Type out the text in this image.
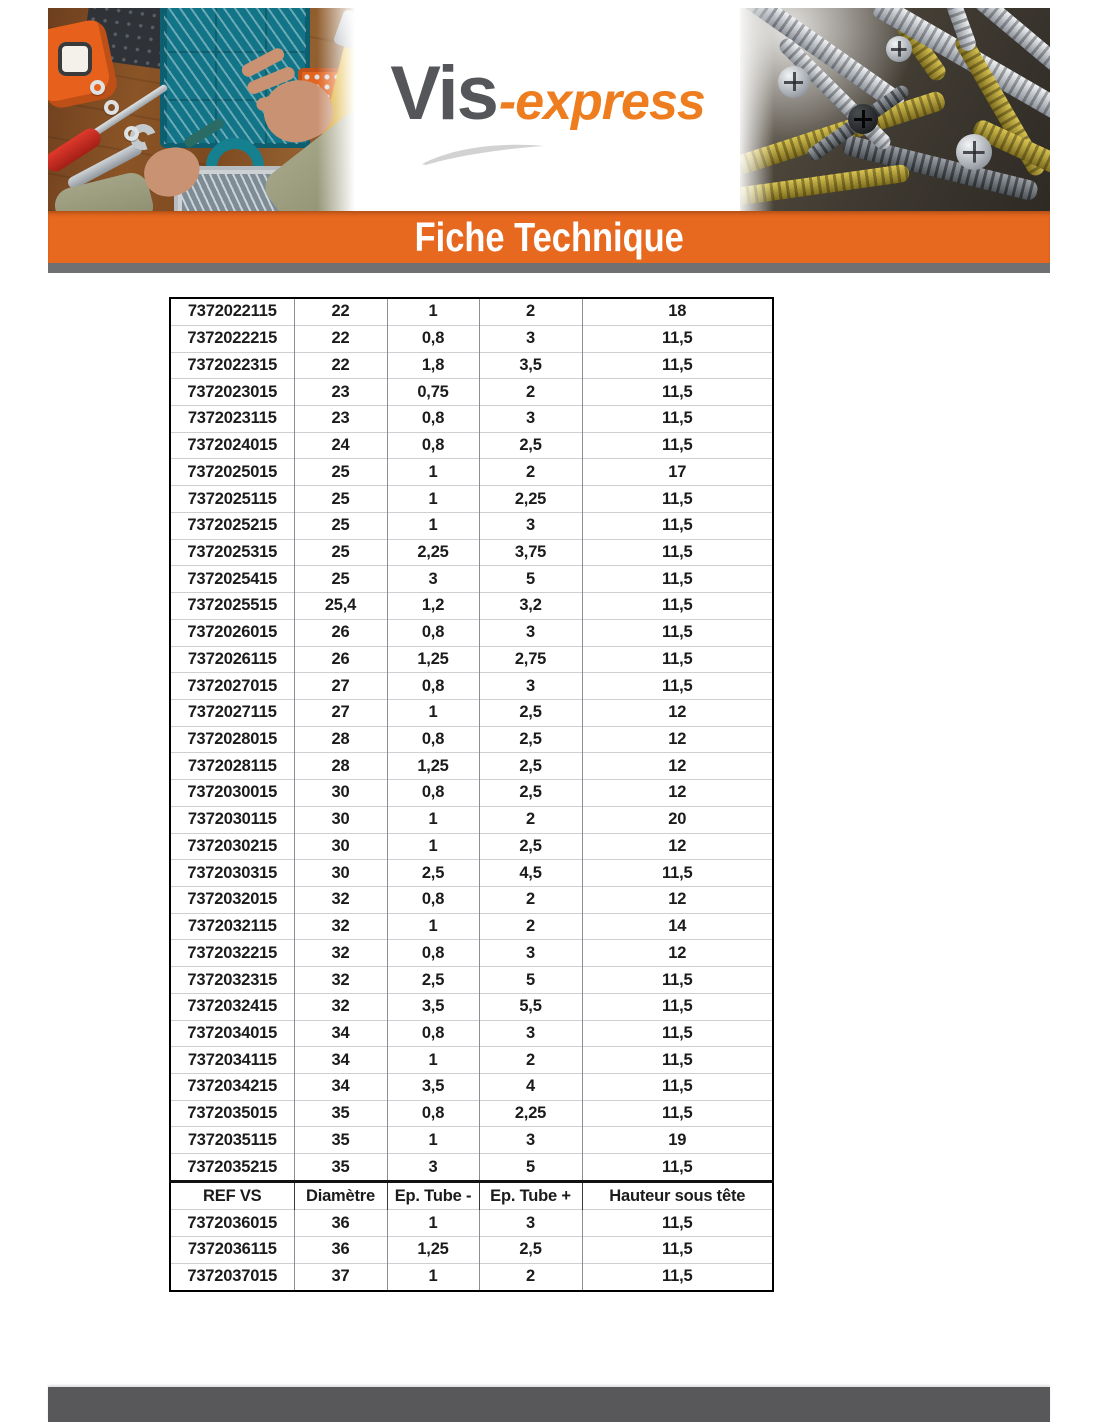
Vis -express
Fiche Technique
7372022115	22	1	2	18
7372022215	22	0,8	3	11,5
7372022315	22	1,8	3,5	11,5
7372023015	23	0,75	2	11,5
7372023115	23	0,8	3	11,5
7372024015	24	0,8	2,5	11,5
7372025015	25	1	2	17
7372025115	25	1	2,25	11,5
7372025215	25	1	3	11,5
7372025315	25	2,25	3,75	11,5
7372025415	25	3	5	11,5
7372025515	25,4	1,2	3,2	11,5
7372026015	26	0,8	3	11,5
7372026115	26	1,25	2,75	11,5
7372027015	27	0,8	3	11,5
7372027115	27	1	2,5	12
7372028015	28	0,8	2,5	12
7372028115	28	1,25	2,5	12
7372030015	30	0,8	2,5	12
7372030115	30	1	2	20
7372030215	30	1	2,5	12
7372030315	30	2,5	4,5	11,5
7372032015	32	0,8	2	12
7372032115	32	1	2	14
7372032215	32	0,8	3	12
7372032315	32	2,5	5	11,5
7372032415	32	3,5	5,5	11,5
7372034015	34	0,8	3	11,5
7372034115	34	1	2	11,5
7372034215	34	3,5	4	11,5
7372035015	35	0,8	2,25	11,5
7372035115	35	1	3	19
7372035215	35	3	5	11,5
REF VS	Diamètre	Ep. Tube -	Ep. Tube +	Hauteur sous tête
7372036015	36	1	3	11,5
7372036115	36	1,25	2,5	11,5
7372037015	37	1	2	11,5
